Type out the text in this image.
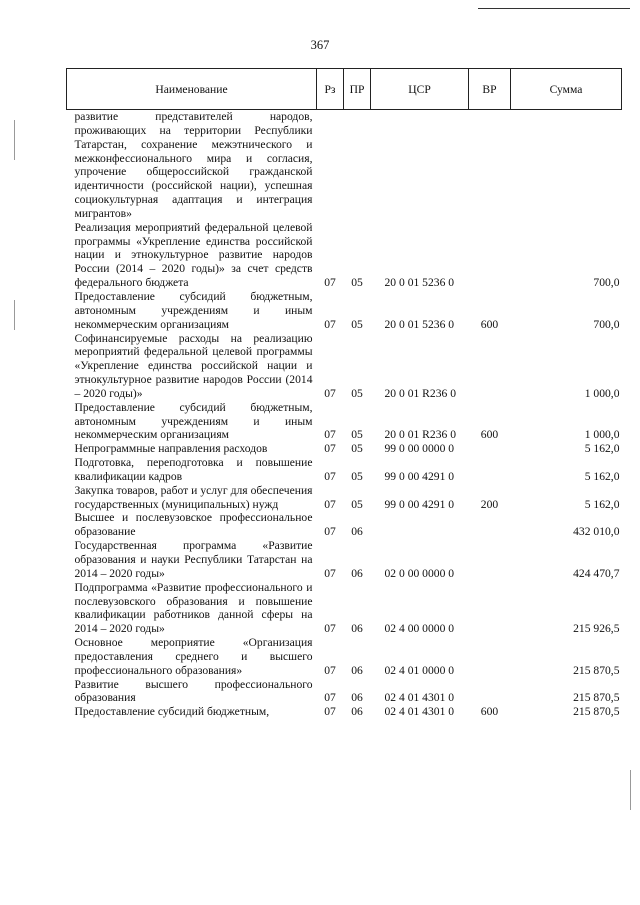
367
Наименование	Рз	ПР	ЦСР	ВР	Сумма
развитие представителей народов, проживающих на территории Республики Татарстан, сохранение межэтнического и межконфессионального мира и согласия, упрочение общероссийской гражданской идентичности (российской нации), успешная социокультурная адаптация и интеграция мигрантов»					
Реализация мероприятий федеральной целевой программы «Укрепление единства российской нации и этнокультурное развитие народов России (2014 – 2020 годы)» за счет средств федерального бюджета	07	05	20 0 01 5236 0		700,0
Предоставление субсидий бюджетным, автономным учреждениям и иным некоммерческим организациям	07	05	20 0 01 5236 0	600	700,0
Софинансируемые расходы на реализацию мероприятий федеральной целевой программы «Укрепление единства российской нации и этнокультурное развитие народов России (2014 – 2020 годы)»	07	05	20 0 01 R236 0		1 000,0
Предоставление субсидий бюджетным, автономным учреждениям и иным некоммерческим организациям	07	05	20 0 01 R236 0	600	1 000,0
Непрограммные направления расходов	07	05	99 0 00 0000 0		5 162,0
Подготовка, переподготовка и повышение квалификации кадров	07	05	99 0 00 4291 0		5 162,0
Закупка товаров, работ и услуг для обеспечения государственных (муниципальных) нужд	07	05	99 0 00 4291 0	200	5 162,0
Высшее и послевузовское профессиональное образование	07	06			432 010,0
Государственная программа «Развитие образования и науки Республики Татарстан на 2014 – 2020 годы»	07	06	02 0 00 0000 0		424 470,7
Подпрограмма «Развитие профессионального и послевузовского образования и повышение квалификации работников данной сферы на 2014 – 2020 годы»	07	06	02 4 00 0000 0		215 926,5
Основное мероприятие «Организация предоставления среднего и высшего профессионального образования»	07	06	02 4 01 0000 0		215 870,5
Развитие высшего профессионального образования	07	06	02 4 01 4301 0		215 870,5
Предоставление субсидий бюджетным,	07	06	02 4 01 4301 0	600	215 870,5
